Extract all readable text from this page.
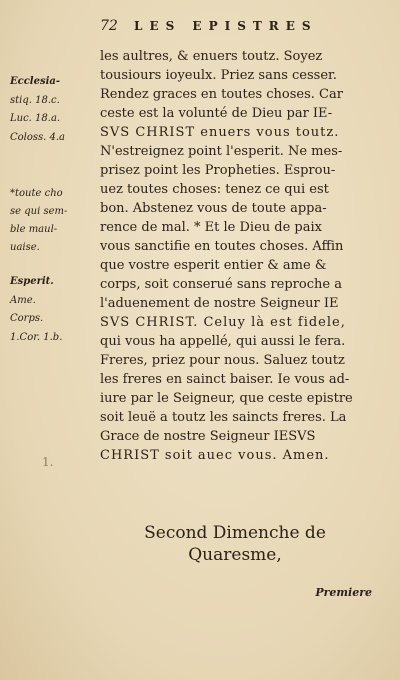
72 LES EPISTRES
Ecclesia-
stiq. 18.c.
Luc. 18.a.
Coloss. 4.a
*toute cho
se qui sem-
ble maul-
uaise.
Esperit.
Ame.
Corps.
1.Cor. 1.b.
les aultres, & enuers toutz. Soyez
tousiours ioyeulx. Priez sans cesser.
Rendez graces en toutes choses. Car
ceste est la volunté de Dieu par IE-
SVS CHRIST enuers vous toutz.
N'estreignez point l'esperit. Ne mes-
prisez point les Propheties. Esprou-
uez toutes choses: tenez ce qui est
bon. Abstenez vous de toute appa-
rence de mal. * Et le Dieu de paix
vous sanctifie en toutes choses. Affin
que vostre esperit entier & ame &
corps, soit conserué sans reproche a
l'aduenement de nostre Seigneur IE
SVS CHRIST. Celuy là est fidele,
qui vous ha appellé, qui aussi le fera.
Freres, priez pour nous. Saluez toutz
les freres en sainct baiser. Ie vous ad-
iure par le Seigneur, que ceste epistre
soit leuë a toutz les saincts freres. La
Grace de nostre Seigneur IESVS
CHRIST soit auec vous. Amen.
1.
Second Dimenche de
Quaresme,
Premiere
